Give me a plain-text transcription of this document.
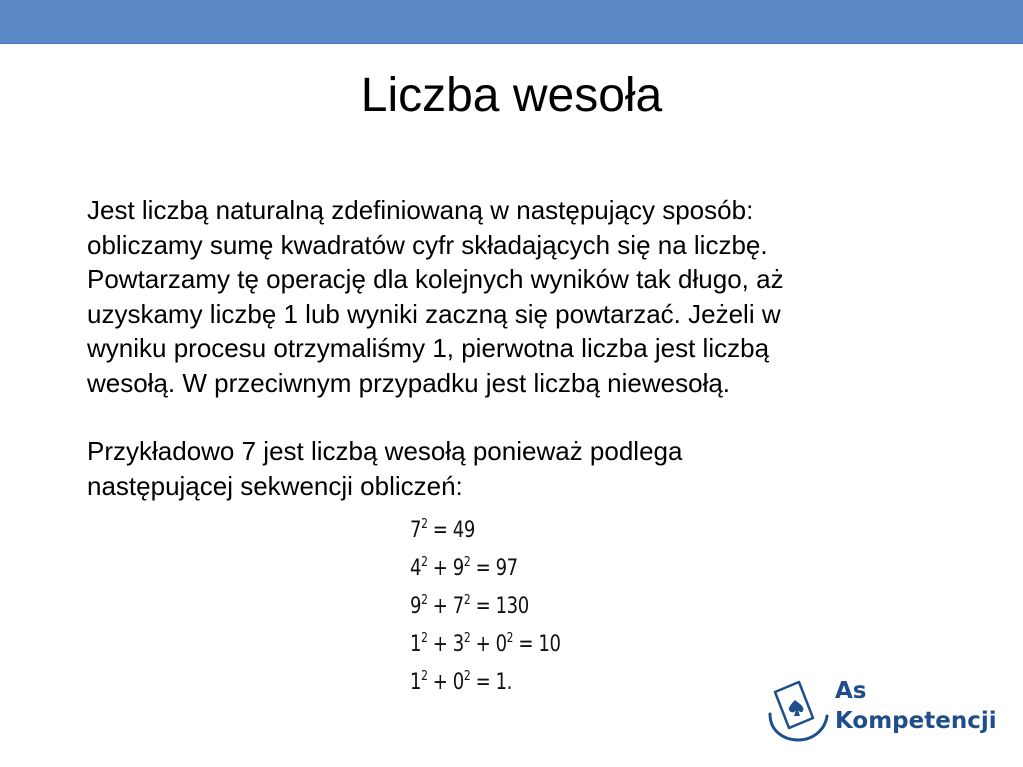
Liczba wesoła
Jest liczbą naturalną zdefiniowaną w następujący sposób:
obliczamy sumę kwadratów cyfr składających się na liczbę.
Powtarzamy tę operację dla kolejnych wyników tak długo, aż
uzyskamy liczbę 1 lub wyniki zaczną się powtarzać. Jeżeli w
wyniku procesu otrzymaliśmy 1, pierwotna liczba jest liczbą
wesołą. W przeciwnym przypadku jest liczbą niewesołą.
Przykładowo 7 jest liczbą wesołą ponieważ podlega
następującej sekwencji obliczeń:
$7^2 = 49$
$4^2 + 9^2 = 97$
$9^2 + 7^2 = 130$
$1^2 + 3^2 + 0^2 = 10$
$1^2 + 0^2 = 1$.	As
Kompetencji
